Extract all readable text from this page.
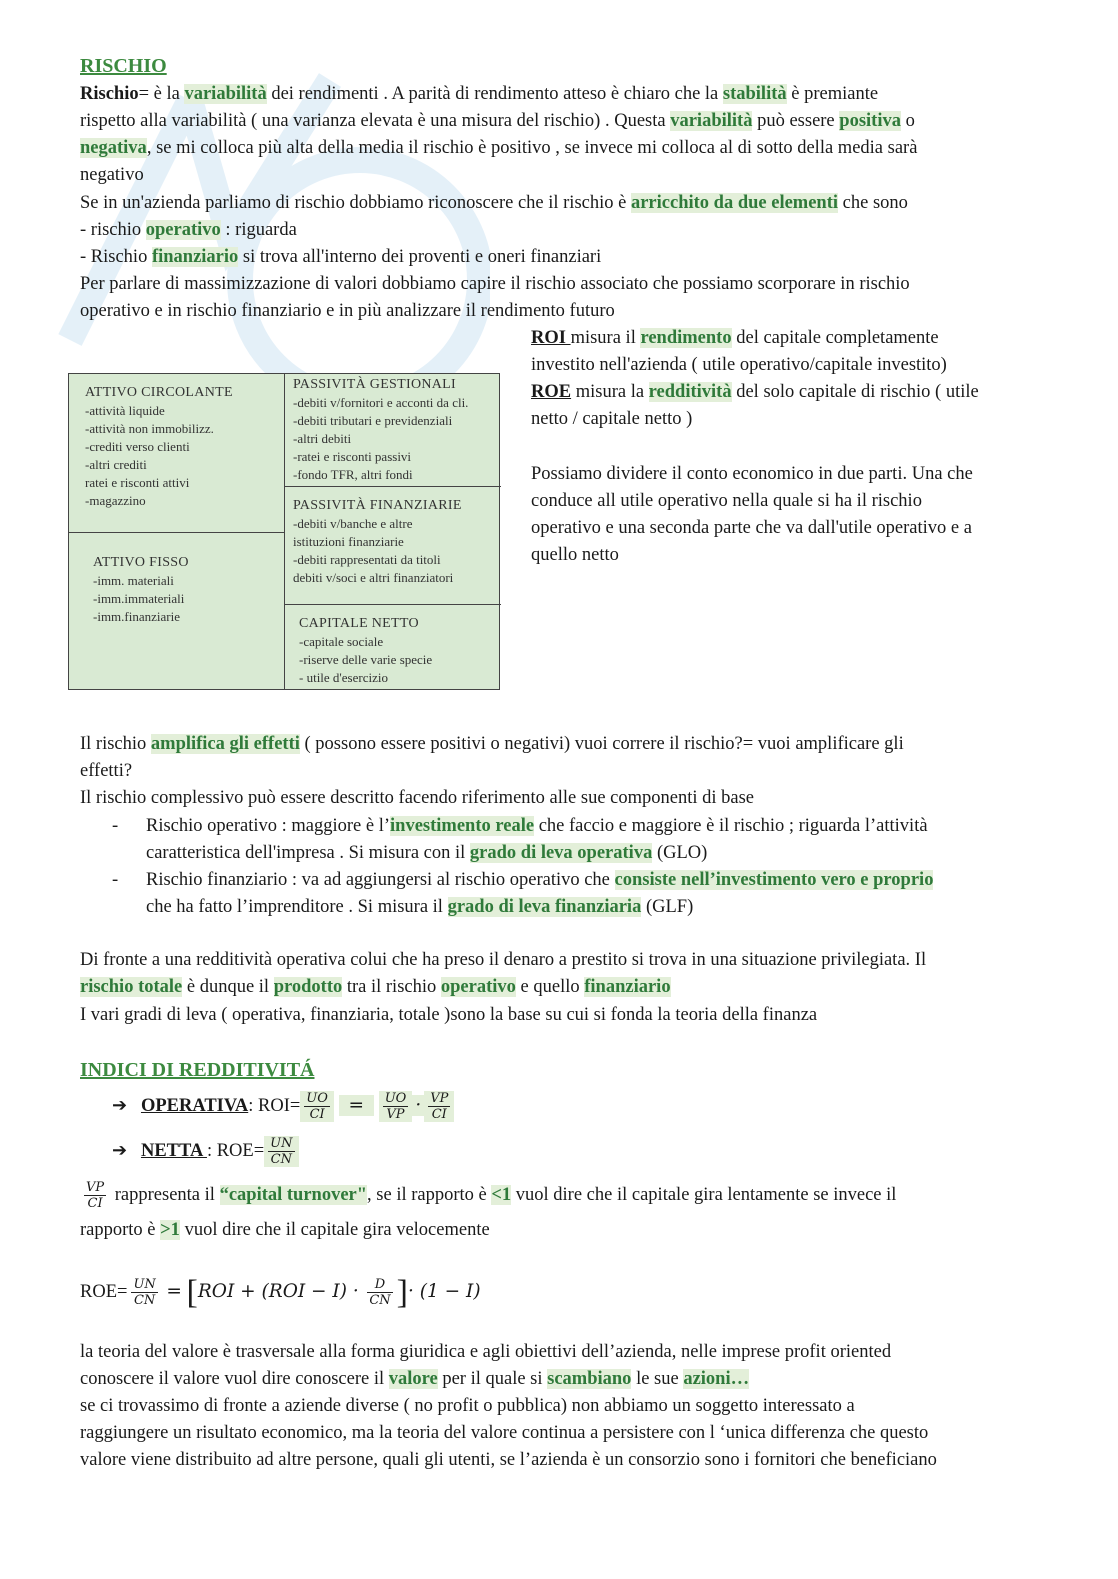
RISCHIO
Rischio= è la variabilità dei rendimenti . A parità di rendimento atteso è chiaro che la stabilità è premiante
rispetto alla variabilità ( una varianza elevata è una misura del rischio) . Questa variabilità può essere positiva o
negativa, se mi colloca più alta della media il rischio è positivo , se invece mi colloca al di sotto della media sarà
negativo
Se in un'azienda parliamo di rischio dobbiamo riconoscere che il rischio è arricchito da due elementi che sono
- rischio operativo : riguarda
- Rischio finanziario si trova all'interno dei proventi e oneri finanziari
Per parlare di massimizzazione di valori dobbiamo capire il rischio associato che possiamo scorporare in rischio
operativo e in rischio finanziario e in più analizzare il rendimento futuro
ROI misura il rendimento del capitale completamente
investito nell'azienda ( utile operativo/capitale investito)
ROE misura la redditività del solo capitale di rischio ( utile
netto / capitale netto )
Possiamo dividere il conto economico in due parti. Una che
conduce all utile operativo nella quale si ha il rischio
operativo e una seconda parte che va dall'utile operativo e a
quello netto
ATTIVO CIRCOLANTE
-attività liquide
-attività non immobilizz.
-crediti verso clienti
-altri crediti
ratei e risconti attivi
-magazzino
ATTIVO FISSO
-imm. materiali
-imm.immateriali
-imm.finanziarie
PASSIVITÀ GESTIONALI
-debiti v/fornitori e acconti da cli.
-debiti tributari e previdenziali
-altri debiti
-ratei e risconti passivi
-fondo TFR, altri fondi
PASSIVITÀ FINANZIARIE
-debiti v/banche e altre
istituzioni finanziarie
-debiti rappresentati da titoli
debiti v/soci e altri finanziatori
CAPITALE NETTO
-capitale sociale
-riserve delle varie specie
- utile d'esercizio
Il rischio amplifica gli effetti ( possono essere positivi o negativi) vuoi correre il rischio?= vuoi amplificare gli
effetti?
Il rischio complessivo può essere descritto facendo riferimento alle sue componenti di base
- Rischio operativo : maggiore è l’investimento reale che faccio e maggiore è il rischio ; riguarda l’attività
caratteristica dell'impresa . Si misura con il grado di leva operativa (GLO)
- Rischio finanziario : va ad aggiungersi al rischio operativo che consiste nell’investimento vero e proprio
che ha fatto l’imprenditore . Si misura il grado di leva finanziaria (GLF)
Di fronte a una redditività operativa colui che ha preso il denaro a prestito si trova in una situazione privilegiata. Il
rischio totale è dunque il prodotto tra il rischio operativo e quello finanziario
I vari gradi di leva ( operativa, finanziaria, totale )sono la base su cui si fonda la teoria della finanza
INDICI DI REDDITIVITÁ
➔ OPERATIVA: $ROI= \frac{UO}{CI} = \frac{UO}{VP} \cdot \frac{VP}{CI}$
➔ NETTA : $ROE= \frac{UN}{CN}$
$\frac{VP}{CI}$ rappresenta il “capital turnover", se il rapporto è <1 vuol dire che il capitale gira lentamente se invece il
rapporto è >1 vuol dire che il capitale gira velocemente
$ROE= \frac{UN}{CN} = [ROI + (ROI - I) \cdot \frac{D}{CN}$ ]· (1 − I)
la teoria del valore è trasversale alla forma giuridica e agli obiettivi dell’azienda, nelle imprese profit oriented
conoscere il valore vuol dire conoscere il valore per il quale si scambiano le sue azioni…
se ci trovassimo di fronte a aziende diverse ( no profit o pubblica) non abbiamo un soggetto interessato a
raggiungere un risultato economico, ma la teoria del valore continua a persistere con l ‘unica differenza che questo
valore viene distribuito ad altre persone, quali gli utenti, se l’azienda è un consorzio sono i fornitori che beneficiano
